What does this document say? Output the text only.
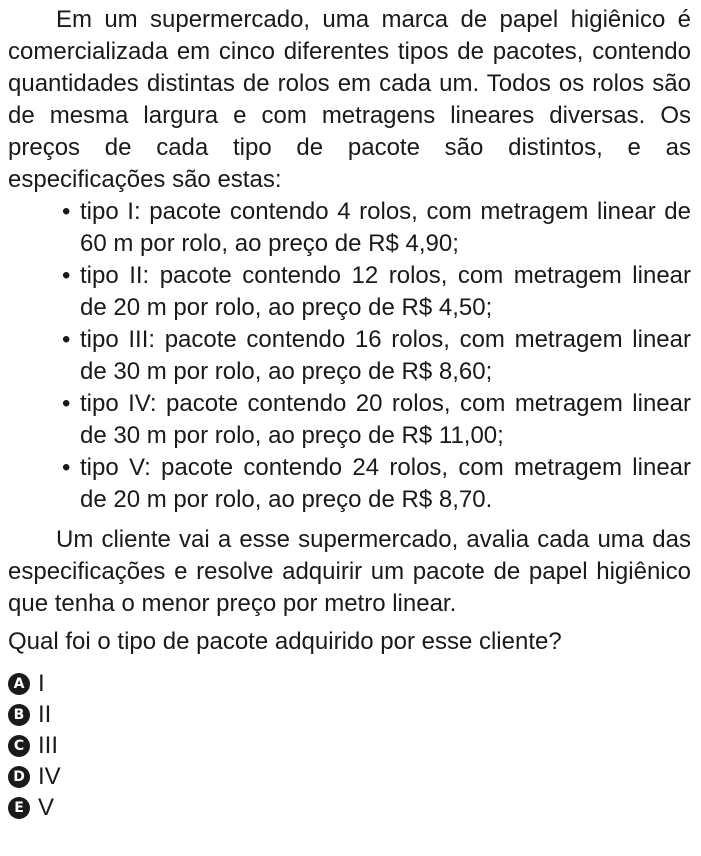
Em um supermercado, uma marca de papel higiênico é comercializada em cinco diferentes tipos de pacotes, contendo quantidades distintas de rolos em cada um. Todos os rolos são de mesma largura e com metragens lineares diversas. Os preços de cada tipo de pacote são distintos, e as especificações são estas:

• tipo I: pacote contendo 4 rolos, com metragem linear de 60 m por rolo, ao preço de R$ 4,90;
• tipo II: pacote contendo 12 rolos, com metragem linear de 20 m por rolo, ao preço de R$ 4,50;
• tipo III: pacote contendo 16 rolos, com metragem linear de 30 m por rolo, ao preço de R$ 8,60;
• tipo IV: pacote contendo 20 rolos, com metragem linear de 30 m por rolo, ao preço de R$ 11,00;
• tipo V: pacote contendo 24 rolos, com metragem linear de 20 m por rolo, ao preço de R$ 8,70.

Um cliente vai a esse supermercado, avalia cada uma das especificações e resolve adquirir um pacote de papel higiênico que tenha o menor preço por metro linear.

Qual foi o tipo de pacote adquirido por esse cliente?

A I
B II
C III
D IV
E V
